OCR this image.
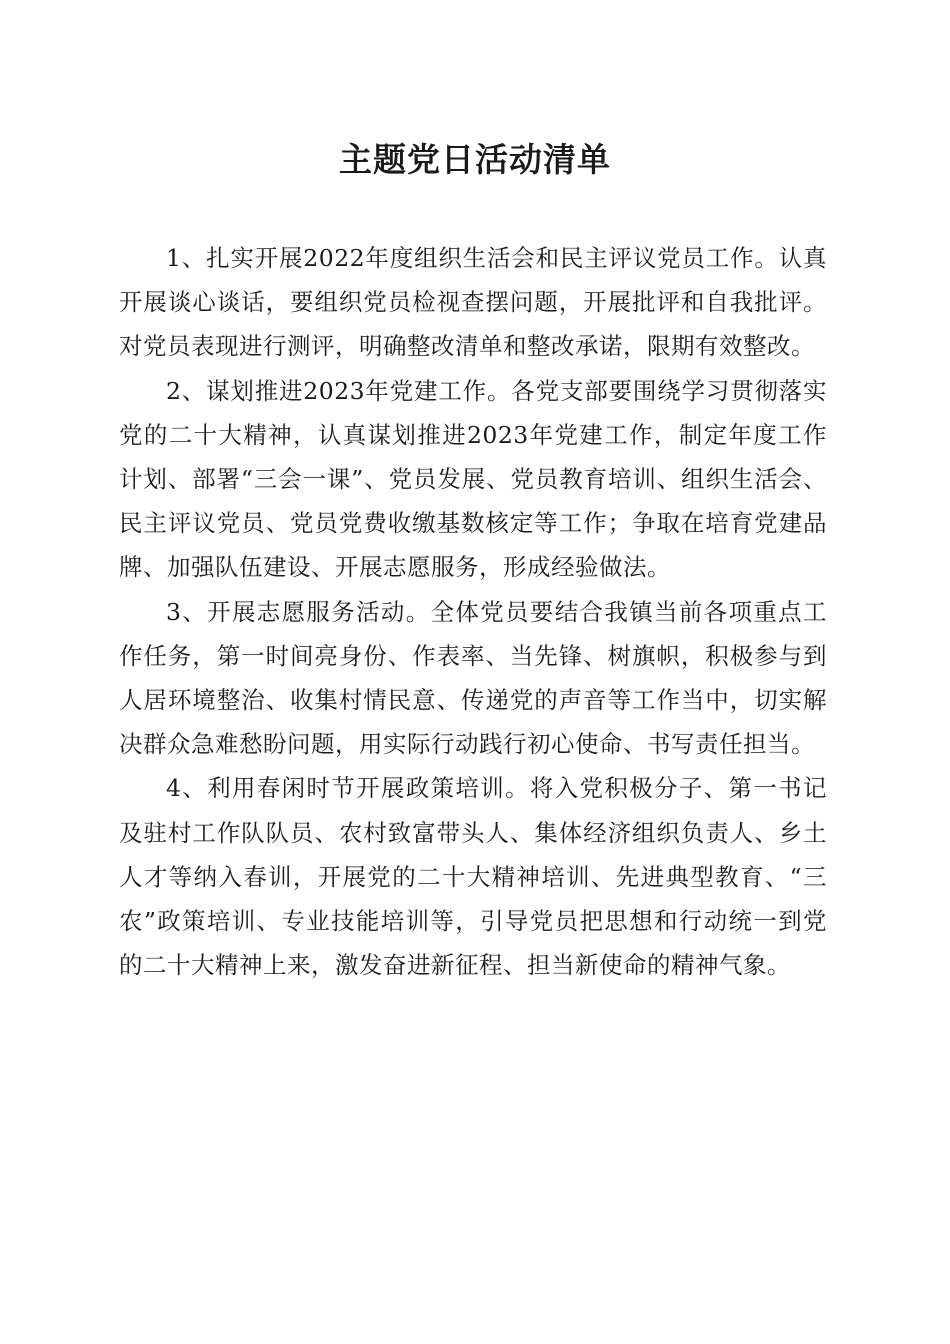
主题党日活动清单

1、扎实开展2022年度组织生活会和民主评议党员工作。认真开展谈心谈话，要组织党员检视查摆问题，开展批评和自我批评。对党员表现进行测评，明确整改清单和整改承诺，限期有效整改。

2、谋划推进2023年党建工作。各党支部要围绕学习贯彻落实党的二十大精神，认真谋划推进2023年党建工作，制定年度工作计划、部署“三会一课”、党员发展、党员教育培训、组织生活会、民主评议党员、党员党费收缴基数核定等工作；争取在培育党建品牌、加强队伍建设、开展志愿服务，形成经验做法。

3、开展志愿服务活动。全体党员要结合我镇当前各项重点工作任务，第一时间亮身份、作表率、当先锋、树旗帜，积极参与到人居环境整治、收集村情民意、传递党的声音等工作当中，切实解决群众急难愁盼问题，用实际行动践行初心使命、书写责任担当。

4、利用春闲时节开展政策培训。将入党积极分子、第一书记及驻村工作队队员、农村致富带头人、集体经济组织负责人、乡土人才等纳入春训，开展党的二十大精神培训、先进典型教育、“三农”政策培训、专业技能培训等，引导党员把思想和行动统一到党的二十大精神上来，激发奋进新征程、担当新使命的精神气象。
